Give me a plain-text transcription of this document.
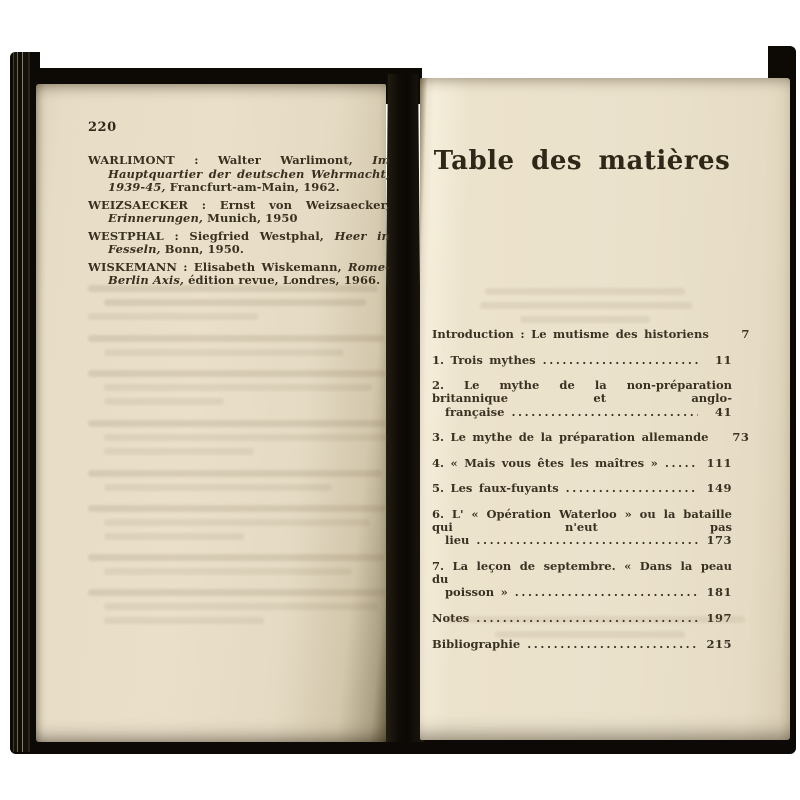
220

WARLIMONT : Walter Warlimont, Im Hauptquartier der deutschen Wehrmacht, 1939-45, Francfurt-am-Main, 1962.

WEIZSAECKER : Ernst von Weizsaecker, Erinnerungen, Munich, 1950

WESTPHAL : Siegfried Westphal, Heer in Fesseln, Bonn, 1950.

WISKEMANN : Elisabeth Wiskemann, Rome-Berlin Axis, édition revue, Londres, 1966.

Table des matières
Introduction : Le mutisme des historiens	7
1. Trois mythes .....	11
2. Le mythe de la non-préparation britannique et anglo-
française .....	41
3. Le mythe de la préparation allemande	73
4. « Mais vous êtes les maîtres » .....	111
5. Les faux-fuyants .....	149
6. L' « Opération Waterloo » ou la bataille qui n'eut pas
lieu .....	173
7. La leçon de septembre. « Dans la peau du
poisson » .....	181
Notes .....	197
Bibliographie .....	215
